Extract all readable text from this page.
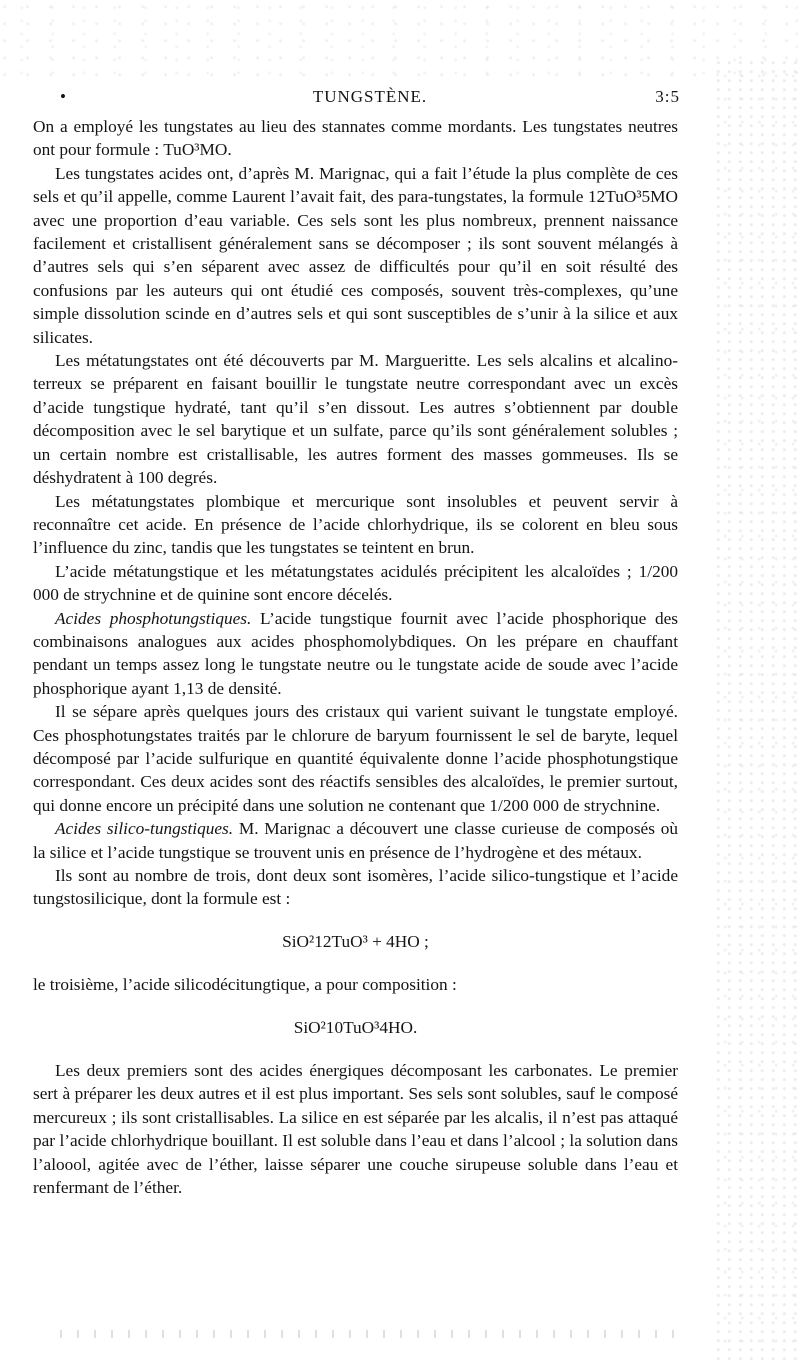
•	TUNGSTÈNE.	3:5

On a employé les tungstates au lieu des stannates comme mordants. Les tungstates neutres ont pour formule : TuO³MO.

Les tungstates acides ont, d’après M. Marignac, qui a fait l’étude la plus complète de ces sels et qu’il appelle, comme Laurent l’avait fait, des para-tungstates, la formule 12TuO³5MO avec une proportion d’eau variable. Ces sels sont les plus nombreux, prennent naissance facilement et cristallisent généralement sans se décomposer ; ils sont souvent mélangés à d’autres sels qui s’en séparent avec assez de difficultés pour qu’il en soit résulté des confusions par les auteurs qui ont étudié ces composés, souvent très-complexes, qu’une simple dissolution scinde en d’autres sels et qui sont susceptibles de s’unir à la silice et aux silicates.

Les métatungstates ont été découverts par M. Margueritte. Les sels alcalins et alcalino-terreux se préparent en faisant bouillir le tungstate neutre correspondant avec un excès d’acide tungstique hydraté, tant qu’il s’en dissout. Les autres s’obtiennent par double décomposition avec le sel barytique et un sulfate, parce qu’ils sont généralement solubles ; un certain nombre est cristallisable, les autres forment des masses gommeuses. Ils se déshydratent à 100 degrés.

Les métatungstates plombique et mercurique sont insolubles et peuvent servir à reconnaître cet acide. En présence de l’acide chlorhydrique, ils se colorent en bleu sous l’influence du zinc, tandis que les tungstates se teintent en brun.

L’acide métatungstique et les métatungstates acidulés précipitent les alcaloïdes ; 1/200 000 de strychnine et de quinine sont encore décelés.

Acides phosphotungstiques. L’acide tungstique fournit avec l’acide phosphorique des combinaisons analogues aux acides phosphomolybdiques. On les prépare en chauffant pendant un temps assez long le tungstate neutre ou le tungstate acide de soude avec l’acide phosphorique ayant 1,13 de densité.

Il se sépare après quelques jours des cristaux qui varient suivant le tungstate employé. Ces phosphotungstates traités par le chlorure de baryum fournissent le sel de baryte, lequel décomposé par l’acide sulfurique en quantité équivalente donne l’acide phosphotungstique correspondant. Ces deux acides sont des réactifs sensibles des alcaloïdes, le premier surtout, qui donne encore un précipité dans une solution ne contenant que 1/200 000 de strychnine.

Acides silico-tungstiques. M. Marignac a découvert une classe curieuse de composés où la silice et l’acide tungstique se trouvent unis en présence de l’hydrogène et des métaux.

Ils sont au nombre de trois, dont deux sont isomères, l’acide silico-tungstique et l’acide tungstosilicique, dont la formule est :

SiO²12TuO³ + 4HO ;

le troisième, l’acide silicodécitungtique, a pour composition :

SiO²10TuO³4HO.

Les deux premiers sont des acides énergiques décomposant les carbonates. Le premier sert à préparer les deux autres et il est plus important. Ses sels sont solubles, sauf le composé mercureux ; ils sont cristallisables. La silice en est séparée par les alcalis, il n’est pas attaqué par l’acide chlorhydrique bouillant. Il est soluble dans l’eau et dans l’alcool ; la solution dans l’aloool, agitée avec de l’éther, laisse séparer une couche sirupeuse soluble dans l’eau et renfermant de l’éther.
